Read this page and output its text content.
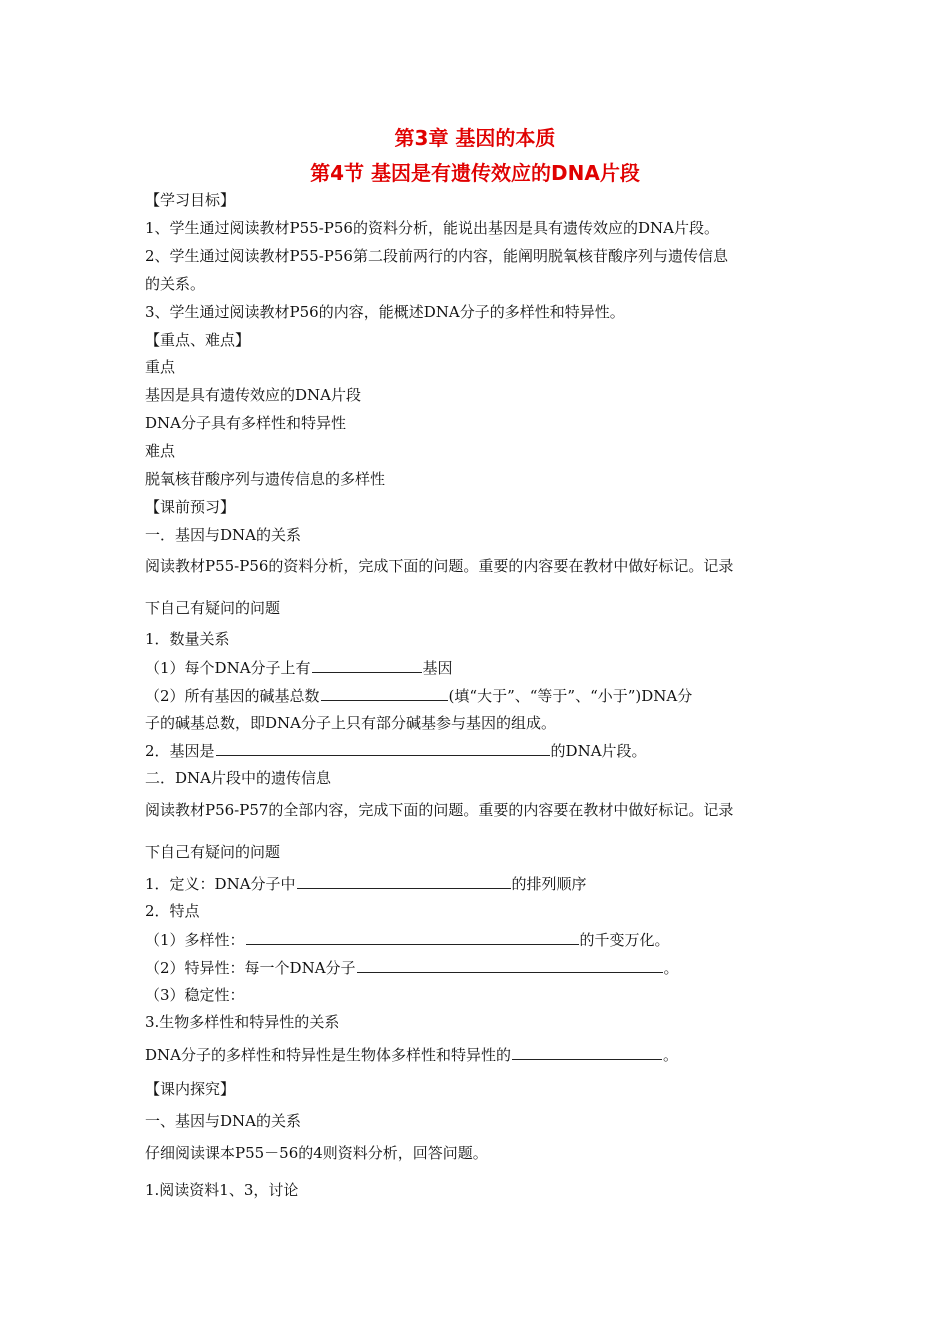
第3章 基因的本质
第4节 基因是有遗传效应的DNA片段
【学习目标】
1、学生通过阅读教材P55-P56的资料分析，能说出基因是具有遗传效应的DNA片段。
2、学生通过阅读教材P55-P56第二段前两行的内容，能阐明脱氧核苷酸序列与遗传信息
的关系。
3、学生通过阅读教材P56的内容，能概述DNA分子的多样性和特异性。
【重点、难点】
重点
基因是具有遗传效应的DNA片段
DNA分子具有多样性和特异性
难点
脱氧核苷酸序列与遗传信息的多样性
【课前预习】
一．基因与DNA的关系
阅读教材P55-P56的资料分析，完成下面的问题。重要的内容要在教材中做好标记。记录
下自己有疑问的问题
1．数量关系
（1）每个DNA分子上有	基因
（2）所有基因的碱基总数	(填“大于”、“等于”、“小于”)DNA分
子的碱基总数，即DNA分子上只有部分碱基参与基因的组成。
2．基因是	的DNA片段。
二．DNA片段中的遗传信息
阅读教材P56-P57的全部内容，完成下面的问题。重要的内容要在教材中做好标记。记录
下自己有疑问的问题
1．定义：DNA分子中	的排列顺序
2．特点
（1）多样性：	的千变万化。
（2）特异性：每一个DNA分子	。
（3）稳定性：
3.生物多样性和特异性的关系
DNA分子的多样性和特异性是生物体多样性和特异性的	。
【课内探究】
一、基因与DNA的关系
仔细阅读课本P55－56的4则资料分析，回答问题。
1.阅读资料1、3，讨论
